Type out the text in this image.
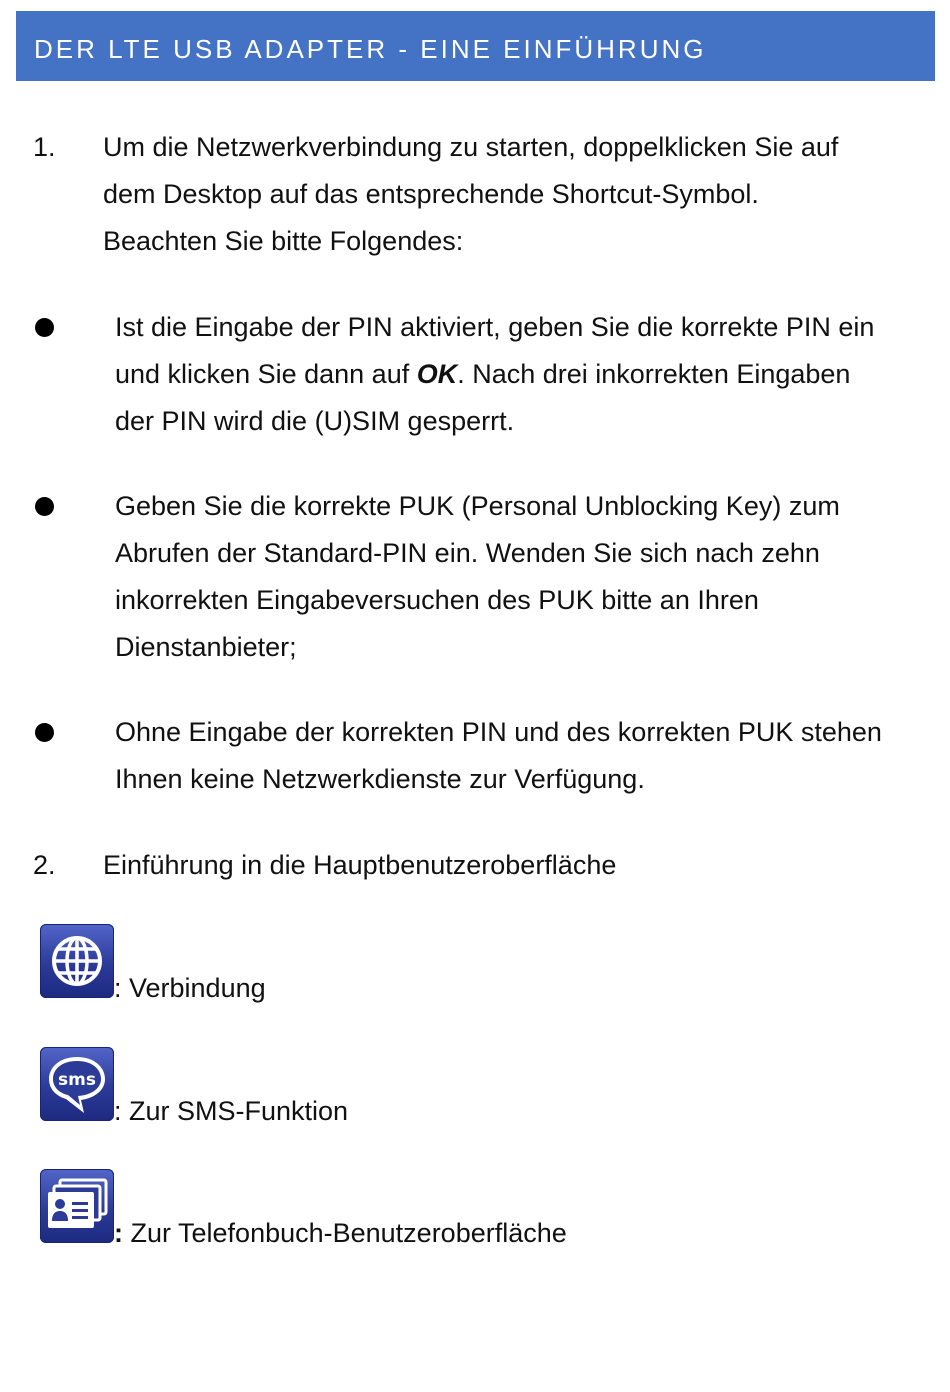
DER LTE USB ADAPTER - EINE EINFÜHRUNG
1. Um die Netzwerkverbindung zu starten, doppelklicken Sie auf
dem Desktop auf das entsprechende Shortcut-Symbol.
Beachten Sie bitte Folgendes:
Ist die Eingabe der PIN aktiviert, geben Sie die korrekte PIN ein
und klicken Sie dann auf OK. Nach drei inkorrekten Eingaben
der PIN wird die (U)SIM gesperrt.
Geben Sie die korrekte PUK (Personal Unblocking Key) zum
Abrufen der Standard-PIN ein. Wenden Sie sich nach zehn
inkorrekten Eingabeversuchen des PUK bitte an Ihren
Dienstanbieter;
Ohne Eingabe der korrekten PIN und des korrekten PUK stehen
Ihnen keine Netzwerkdienste zur Verfügung.
2. Einführung in die Hauptbenutzeroberfläche
: Verbindung
sms
: Zur SMS-Funktion
: Zur Telefonbuch-Benutzeroberfläche
